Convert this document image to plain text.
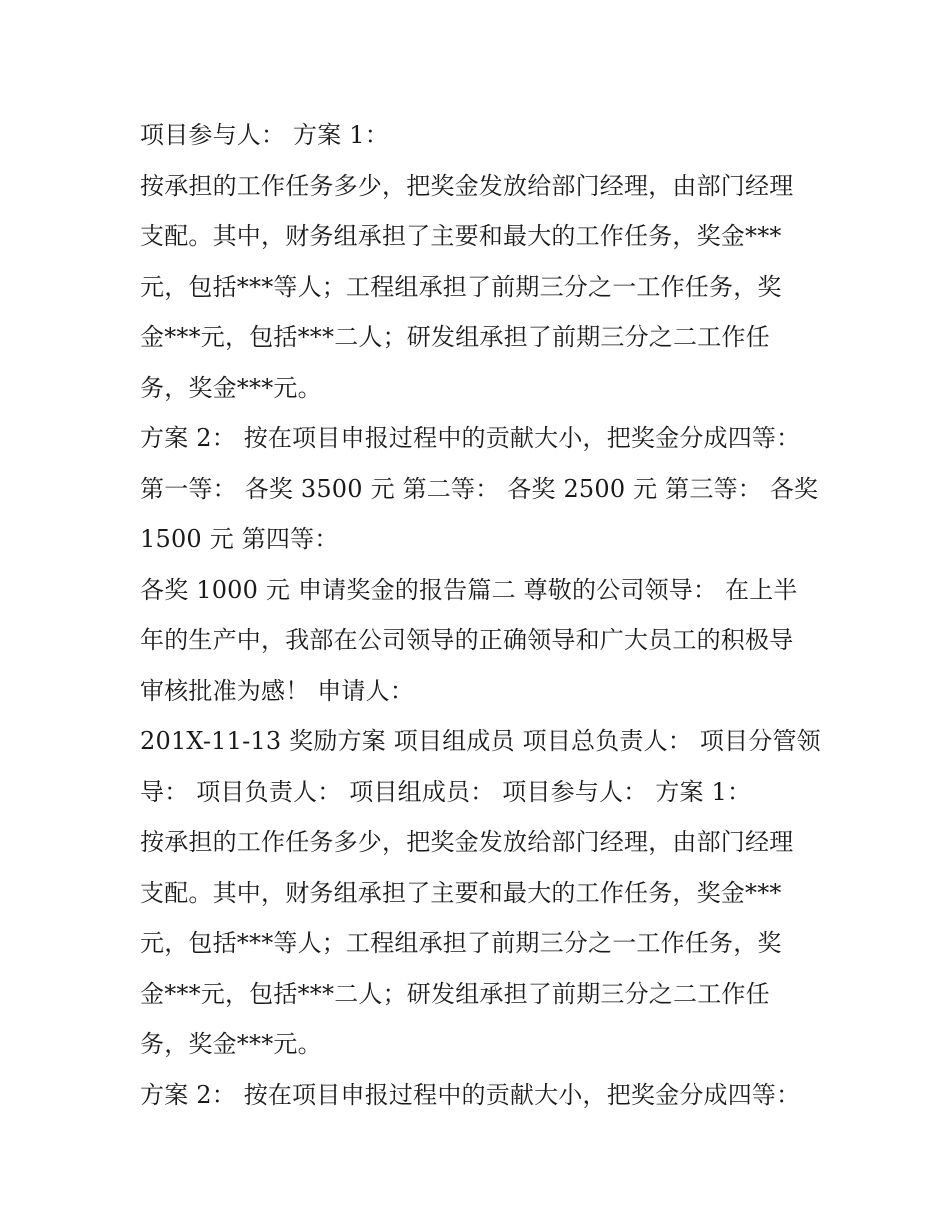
项目参与人： 方案 1：
按承担的工作任务多少，把奖金发放给部门经理，由部门经理
支配。其中，财务组承担了主要和最大的工作任务，奖金***
元，包括***等人；工程组承担了前期三分之一工作任务，奖
金***元，包括***二人；研发组承担了前期三分之二工作任
务，奖金***元。
方案 2： 按在项目申报过程中的贡献大小，把奖金分成四等：
第一等： 各奖 3500 元 第二等： 各奖 2500 元 第三等： 各奖
1500 元 第四等：
各奖 1000 元 申请奖金的报告篇二 尊敬的公司领导： 在上半
年的生产中，我部在公司领导的正确领导和广大员工的积极导
审核批准为感！ 申请人：
201X-11-13 奖励方案 项目组成员 项目总负责人： 项目分管领
导： 项目负责人： 项目组成员： 项目参与人： 方案 1：
按承担的工作任务多少，把奖金发放给部门经理，由部门经理
支配。其中，财务组承担了主要和最大的工作任务，奖金***
元，包括***等人；工程组承担了前期三分之一工作任务，奖
金***元，包括***二人；研发组承担了前期三分之二工作任
务，奖金***元。
方案 2： 按在项目申报过程中的贡献大小，把奖金分成四等：
